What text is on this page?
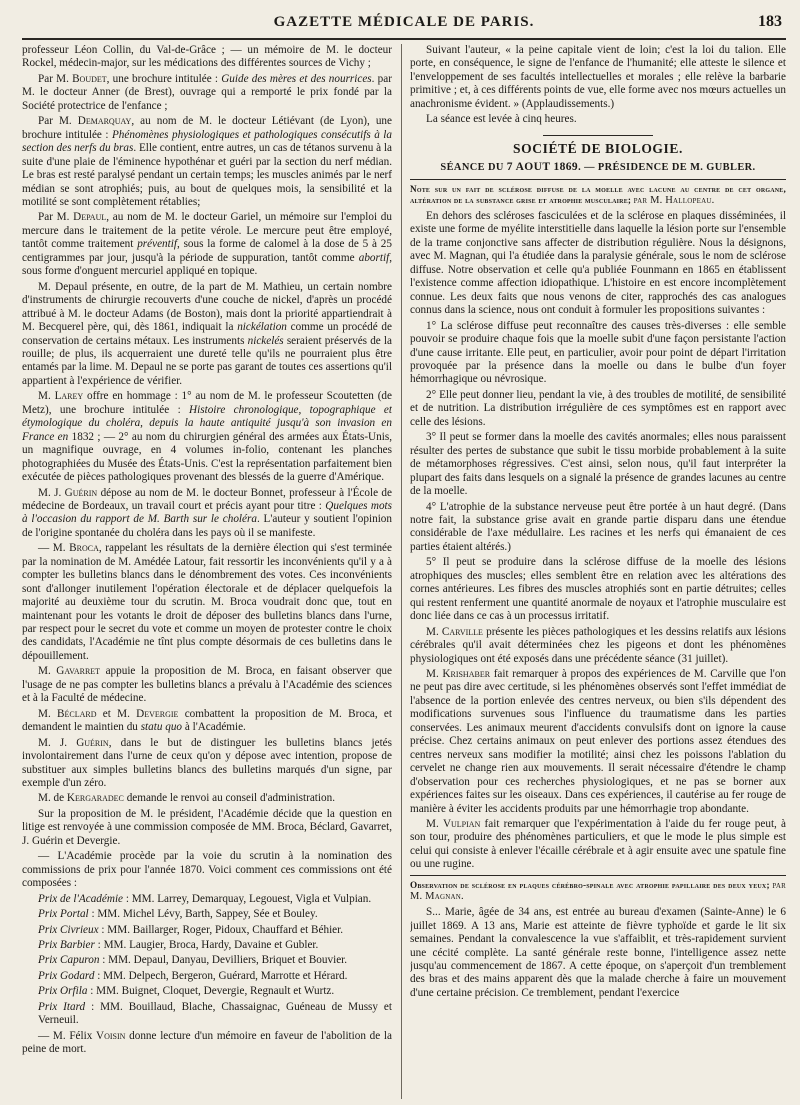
GAZETTE MÉDICALE DE PARIS.	183

professeur Léon Collin, du Val-de-Grâce ; — un mémoire de M. le docteur Rockel, médecin-major, sur les médications des différentes sources de Vichy ;

Par M. Boudet, une brochure intitulée : Guide des mères et des nourrices. par M. le docteur Anner (de Brest), ouvrage qui a remporté le prix fondé par la Société protectrice de l'enfance ;

Par M. Demarquay, au nom de M. le docteur Létiévant (de Lyon), une brochure intitulée : Phénomènes physiologiques et pathologiques consécutifs à la section des nerfs du bras. Elle contient, entre autres, un cas de tétanos survenu à la suite d'une plaie de l'éminence hypothénar et guéri par la section du nerf médian. Le bras est resté paralysé pendant un certain temps; les muscles animés par le nerf médian se sont atrophiés; puis, au bout de quelques mois, la sensibilité et la motilité se sont complètement rétablies;

Par M. Depaul, au nom de M. le docteur Gariel, un mémoire sur l'emploi du mercure dans le traitement de la petite vérole. Le mercure peut être employé, tantôt comme traitement préventif, sous la forme de calomel à la dose de 5 à 25 centigrammes par jour, jusqu'à la période de suppuration, tantôt comme abortif, sous forme d'onguent mercuriel appliqué en topique.

M. Depaul présente, en outre, de la part de M. Mathieu, un certain nombre d'instruments de chirurgie recouverts d'une couche de nickel, d'après un procédé attribué à M. le docteur Adams (de Boston), mais dont la priorité appartiendrait à M. Becquerel père, qui, dès 1861, indiquait la nickélation comme un procédé de conservation de certains métaux. Les instruments nickelés seraient préservés de la rouille; de plus, ils acquerraient une dureté telle qu'ils ne pourraient plus être entamés par la lime. M. Depaul ne se porte pas garant de toutes ces assertions qu'il appartient à l'expérience de vérifier.

M. Larey offre en hommage : 1° au nom de M. le professeur Scoutetten (de Metz), une brochure intitulée : Histoire chronologique, topographique et étymologique du choléra, depuis la haute antiquité jusqu'à son invasion en France en 1832 ; — 2° au nom du chirurgien général des armées aux États-Unis, un magnifique ouvrage, en 4 volumes in-folio, contenant les planches photographiées du Musée des États-Unis. C'est la représentation parfaitement bien exécutée de pièces pathologiques provenant des blessés de la guerre d'Amérique.

M. J. Guérin dépose au nom de M. le docteur Bonnet, professeur à l'École de médecine de Bordeaux, un travail court et précis ayant pour titre : Quelques mots à l'occasion du rapport de M. Barth sur le choléra. L'auteur y soutient l'opinion de l'origine spontanée du choléra dans les pays où il se manifeste.

— M. Broca, rappelant les résultats de la dernière élection qui s'est terminée par la nomination de M. Amédée Latour, fait ressortir les inconvénients qu'il y a à compter les bulletins blancs dans le dénombrement des votes. Ces inconvénients sont d'allonger inutilement l'opération électorale et de déplacer quelquefois la majorité au deuxième tour du scrutin. M. Broca voudrait donc que, tout en maintenant pour les votants le droit de déposer des bulletins blancs dans l'urne, par respect pour le secret du vote et comme un moyen de protester contre le choix des candidats, l'Académie ne tînt plus compte désormais de ces bulletins dans le dépouillement.

M. Gavarret appuie la proposition de M. Broca, en faisant observer que l'usage de ne pas compter les bulletins blancs a prévalu à l'Académie des sciences et à la Faculté de médecine.

M. Béclard et M. Devergie combattent la proposition de M. Broca, et demandent le maintien du statu quo à l'Académie.

M. J. Guérin, dans le but de distinguer les bulletins blancs jetés involontairement dans l'urne de ceux qu'on y dépose avec intention, propose de substituer aux simples bulletins blancs des bulletins marqués d'un signe, par exemple d'un zéro.

M. de Kergaradec demande le renvoi au conseil d'administration.

Sur la proposition de M. le président, l'Académie décide que la question en litige est renvoyée à une commission composée de MM. Broca, Béclard, Gavarret, J. Guérin et Devergie.

— L'Académie procède par la voie du scrutin à la nomination des commissions de prix pour l'année 1870. Voici comment ces commissions ont été composées :

Prix de l'Académie : MM. Larrey, Demarquay, Legouest, Vigla et Vulpian.

Prix Portal : MM. Michel Lévy, Barth, Sappey, Sée et Bouley.

Prix Civrieux : MM. Baillarger, Roger, Pidoux, Chauffard et Béhier.

Prix Barbier : MM. Laugier, Broca, Hardy, Davaine et Gubler.

Prix Capuron : MM. Depaul, Danyau, Devilliers, Briquet et Bouvier.

Prix Godard : MM. Delpech, Bergeron, Guérard, Marrotte et Hérard.

Prix Orfila : MM. Buignet, Cloquet, Devergie, Regnault et Wurtz.

Prix Itard : MM. Bouillaud, Blache, Chassaignac, Guéneau de Mussy et Verneuil.

— M. Félix Voisin donne lecture d'un mémoire en faveur de l'abolition de la peine de mort.

Suivant l'auteur, « la peine capitale vient de loin; c'est la loi du talion. Elle porte, en conséquence, le signe de l'enfance de l'humanité; elle atteste le silence et l'enveloppement de ses facultés intellectuelles et morales ; elle relève la barbarie primitive ; et, à ces différents points de vue, elle forme avec nos mœurs actuelles un anachronisme évident. » (Applaudissements.)

La séance est levée à cinq heures.

SOCIÉTÉ DE BIOLOGIE.
SÉANCE DU 7 AOUT 1869. — PRÉSIDENCE DE M. GUBLER.

Note sur un fait de sclérose diffuse de la moelle avec lacune au centre de cet organe, altération de la substance grise et atrophie musculaire; par M. Hallopeau.

En dehors des scléroses fasciculées et de la sclérose en plaques disséminées, il existe une forme de myélite interstitielle dans laquelle la lésion porte sur l'ensemble de la trame conjonctive sans affecter de distribution régulière. Nous la désignons, avec M. Magnan, qui l'a étudiée dans la paralysie générale, sous le nom de sclérose diffuse. Notre observation et celle qu'a publiée Founmann en 1865 en établissent l'existence comme affection idiopathique. L'histoire en est encore incomplètement connue. Les deux faits que nous venons de citer, rapprochés des cas analogues connus dans la science, nous ont conduit à formuler les propositions suivantes :

1° La sclérose diffuse peut reconnaître des causes très-diverses : elle semble pouvoir se produire chaque fois que la moelle subit d'une façon persistante l'action d'une cause irritante. Elle peut, en particulier, avoir pour point de départ l'irritation provoquée par la présence dans la moelle ou dans le bulbe d'un foyer hémorrhagique ou névrosique.

2° Elle peut donner lieu, pendant la vie, à des troubles de motilité, de sensibilité et de nutrition. La distribution irrégulière de ces symptômes est en rapport avec celle des lésions.

3° Il peut se former dans la moelle des cavités anormales; elles nous paraissent résulter des pertes de substance que subit le tissu morbide probablement à la suite de métamorphoses régressives. C'est ainsi, selon nous, qu'il faut interpréter la plupart des faits dans lesquels on a signalé la présence de grandes lacunes au centre de la moelle.

4° L'atrophie de la substance nerveuse peut être portée à un haut degré. (Dans notre fait, la substance grise avait en grande partie disparu dans une étendue considérable de l'axe médullaire. Les racines et les nerfs qui émanaient de ces parties étaient altérés.)

5° Il peut se produire dans la sclérose diffuse de la moelle des lésions atrophiques des muscles; elles semblent être en relation avec les altérations des cornes antérieures. Les fibres des muscles atrophiés sont en partie détruites; celles qui restent renferment une quantité anormale de noyaux et l'atrophie musculaire est donc liée dans ce cas à un processus irritatif.

M. Carville présente les pièces pathologiques et les dessins relatifs aux lésions cérébrales qu'il avait déterminées chez les pigeons et dont les phénomènes physiologiques ont été exposés dans une précédente séance (31 juillet).

M. Krishaber fait remarquer à propos des expériences de M. Carville que l'on ne peut pas dire avec certitude, si les phénomènes observés sont l'effet immédiat de l'absence de la portion enlevée des centres nerveux, ou bien s'ils dépendent des modifications survenues sous l'influence du traumatisme dans les parties conservées. Les animaux meurent d'accidents convulsifs dont on ignore la cause précise. Chez certains animaux on peut enlever des portions assez étendues des centres nerveux sans modifier la motilité; ainsi chez les poissons l'ablation du cervelet ne change rien aux mouvements. Il serait nécessaire d'étendre le champ d'observation pour ces recherches physiologiques, et ne pas se borner aux expériences faites sur les oiseaux. Dans ces expériences, il cautérise au fer rouge de manière à éviter les accidents produits par une hémorrhagie trop abondante.

M. Vulpian fait remarquer que l'expérimentation à l'aide du fer rouge peut, à son tour, produire des phénomènes particuliers, et que le mode le plus simple est celui qui consiste à enlever l'écaille cérébrale et à agir ensuite avec une spatule fine ou une rugine.

Observation de sclérose en plaques cérébro-spinale avec atrophie papillaire des deux yeux; par M. Magnan.

S... Marie, âgée de 34 ans, est entrée au bureau d'examen (Sainte-Anne) le 6 juillet 1869. A 13 ans, Marie est atteinte de fièvre typhoïde et garde le lit six semaines. Pendant la convalescence la vue s'affaiblit, et très-rapidement survient une cécité complète. La santé générale reste bonne, l'intelligence assez nette jusqu'au commencement de 1867. A cette époque, on s'aperçoit d'un tremblement des bras et des mains apparent dès que la malade cherche à faire un mouvement d'une certaine précision. Ce tremblement, pendant l'exercice
